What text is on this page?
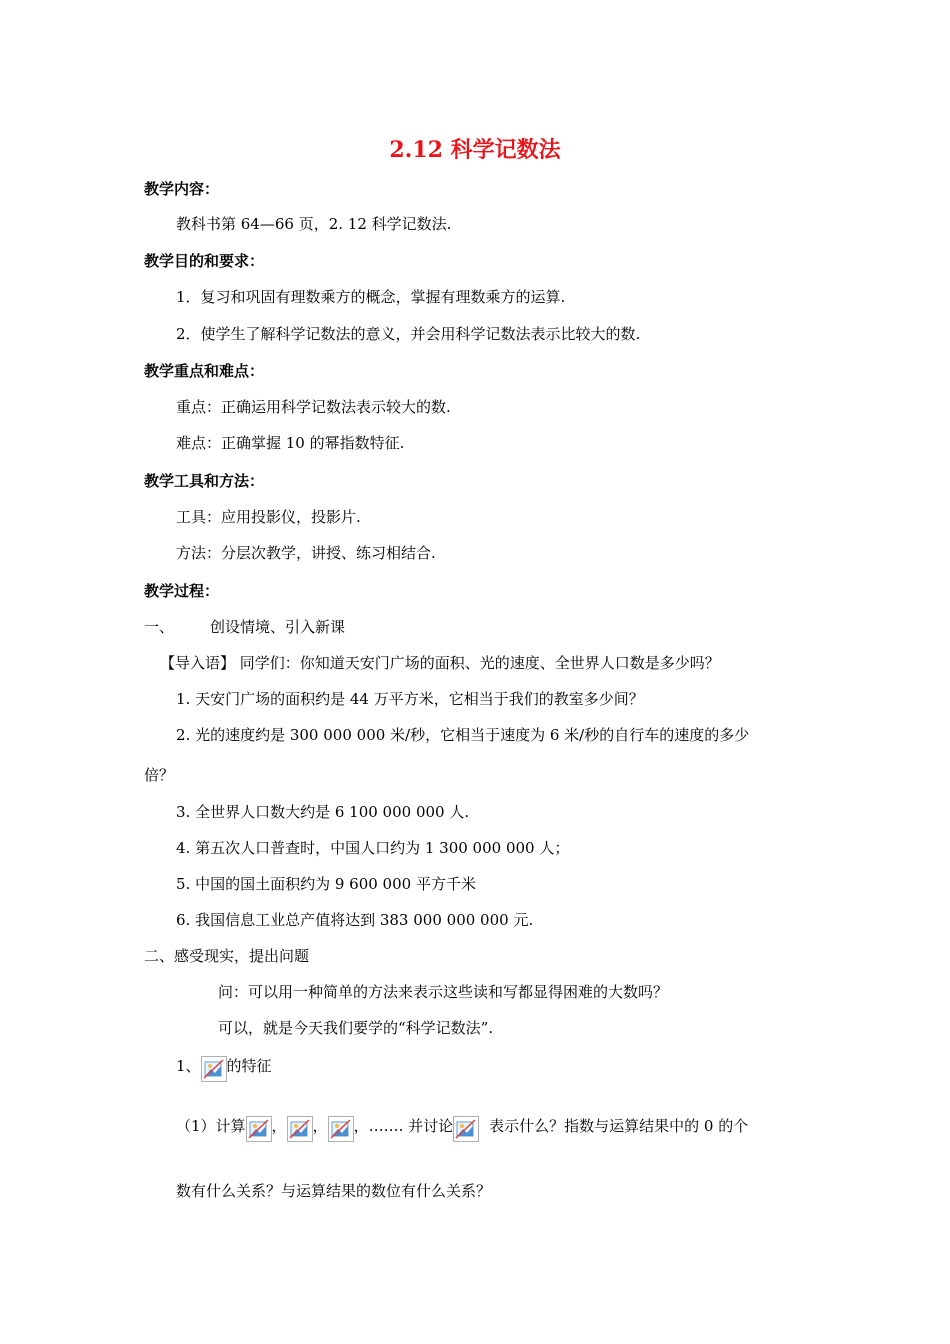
2.12 科学记数法
教学内容：
教科书第 64—66 页，2. 12 科学记数法.
教学目的和要求：
1．复习和巩固有理数乘方的概念，掌握有理数乘方的运算.
2．使学生了解科学记数法的意义，并会用科学记数法表示比较大的数.
教学重点和难点：
重点：正确运用科学记数法表示较大的数.
难点：正确掌握 10 的幂指数特征.
教学工具和方法：
工具：应用投影仪，投影片.
方法：分层次教学，讲授、练习相结合.
教学过程：
一、 创设情境、引入新课
【导入语】 同学们：你知道天安门广场的面积、光的速度、全世界人口数是多少吗？
1. 天安门广场的面积约是 44 万平方米，它相当于我们的教室多少间？
2. 光的速度约是 300 000 000 米/秒，它相当于速度为 6 米/秒的自行车的速度的多少
倍？
3. 全世界人口数大约是 6 100 000 000 人.
4. 第五次人口普查时，中国人口约为 1 300 000 000 人；
5. 中国的国土面积约为 9 600 000 平方千米
6. 我国信息工业总产值将达到 383 000 000 000 元.
二、感受现实，提出问题
问：可以用一种简单的方法来表示这些读和写都显得困难的大数吗？
可以，就是今天我们要学的“科学记数法”.
1、 的特征
（1）计算 ， ， ，……. 并讨论 表示什么？指数与运算结果中的 0 的个
数有什么关系？与运算结果的数位有什么关系？
